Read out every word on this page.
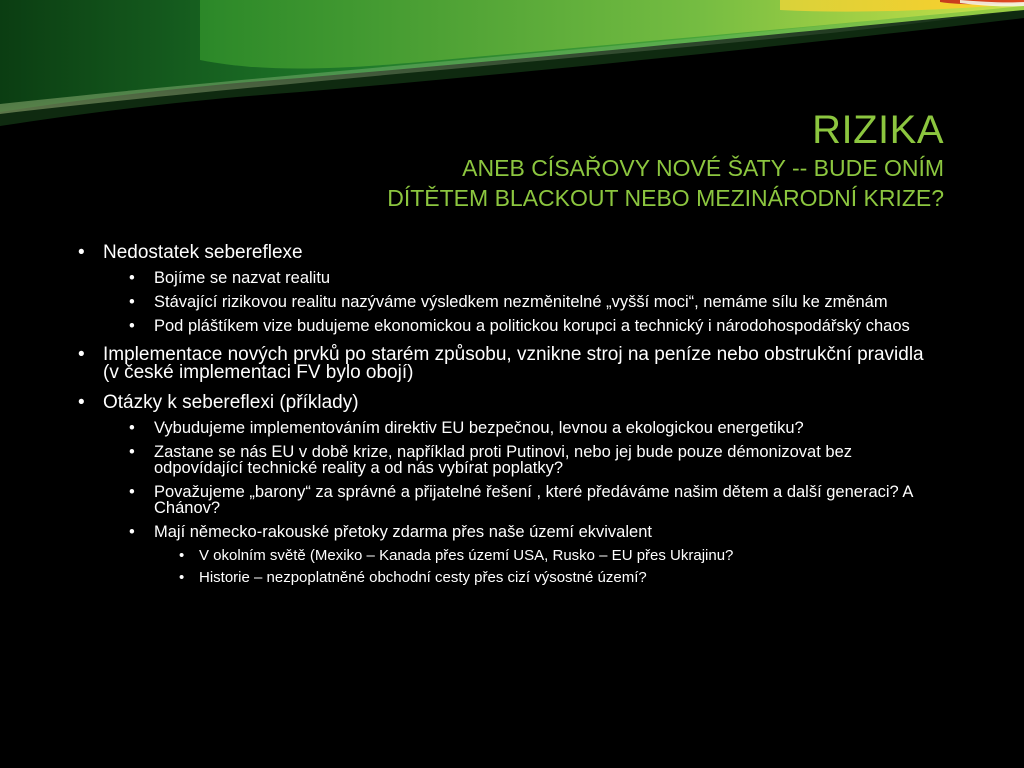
RIZIKA
ANEB CÍSAŘOVY NOVÉ ŠATY -- BUDE ONÍM
DÍTĚTEM BLACKOUT NEBO MEZINÁRODNÍ KRIZE?
• Nedostatek sebereflexe
• Bojíme se nazvat realitu
• Stávající rizikovou realitu nazýváme výsledkem nezměnitelné „vyšší moci“, nemáme sílu ke změnám
• Pod pláštíkem vize budujeme ekonomickou a politickou korupci a technický i národohospodářský chaos
• Implementace nových prvků po starém způsobu, vznikne stroj na peníze nebo obstrukční pravidla (v české implementaci FV bylo obojí)
• Otázky k sebereflexi (příklady)
• Vybudujeme implementováním direktiv EU bezpečnou, levnou a ekologickou energetiku?
• Zastane se nás EU v době krize, například proti Putinovi, nebo jej bude pouze démonizovat bez odpovídající technické reality a od nás vybírat poplatky?
• Považujeme „barony“ za správné a přijatelné řešení , které předáváme našim dětem a další generaci? A Chánov?
• Mají německo-rakouské přetoky zdarma přes naše území ekvivalent
• V okolním světě (Mexiko – Kanada přes území USA, Rusko – EU přes Ukrajinu?
• Historie – nezpoplatněné obchodní cesty přes cizí výsostné území?
